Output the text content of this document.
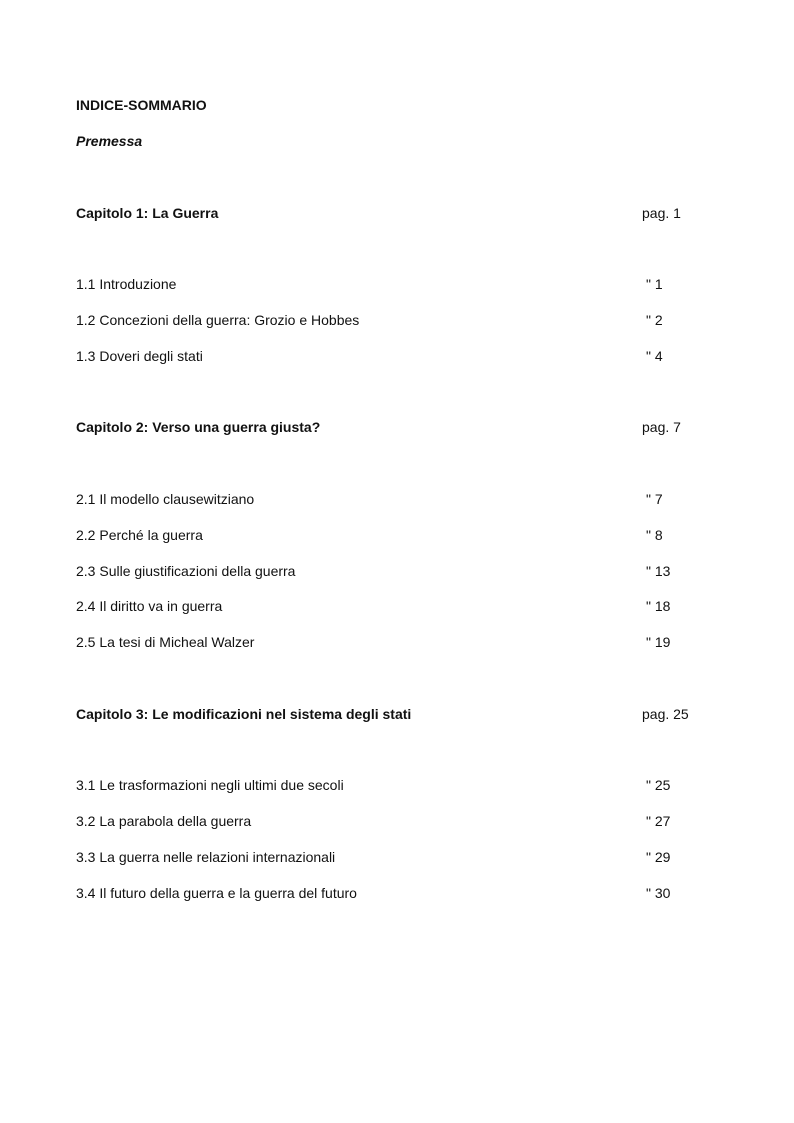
INDICE-SOMMARIO
Premessa
Capitolo 1: La Guerra	pag. 1
1.1 Introduzione	" 1
1.2 Concezioni della guerra: Grozio e Hobbes	" 2
1.3 Doveri degli stati	" 4
Capitolo 2: Verso una guerra giusta?	pag. 7
2.1 Il modello clausewitziano	" 7
2.2 Perché la guerra	" 8
2.3 Sulle giustificazioni della guerra	" 13
2.4 Il diritto va in guerra	" 18
2.5 La tesi di Micheal Walzer	" 19
Capitolo 3: Le modificazioni nel sistema degli stati	pag. 25
3.1 Le trasformazioni negli ultimi due secoli	" 25
3.2 La parabola della guerra	" 27
3.3 La guerra nelle relazioni internazionali	" 29
3.4 Il futuro della guerra e la guerra del futuro	" 30
